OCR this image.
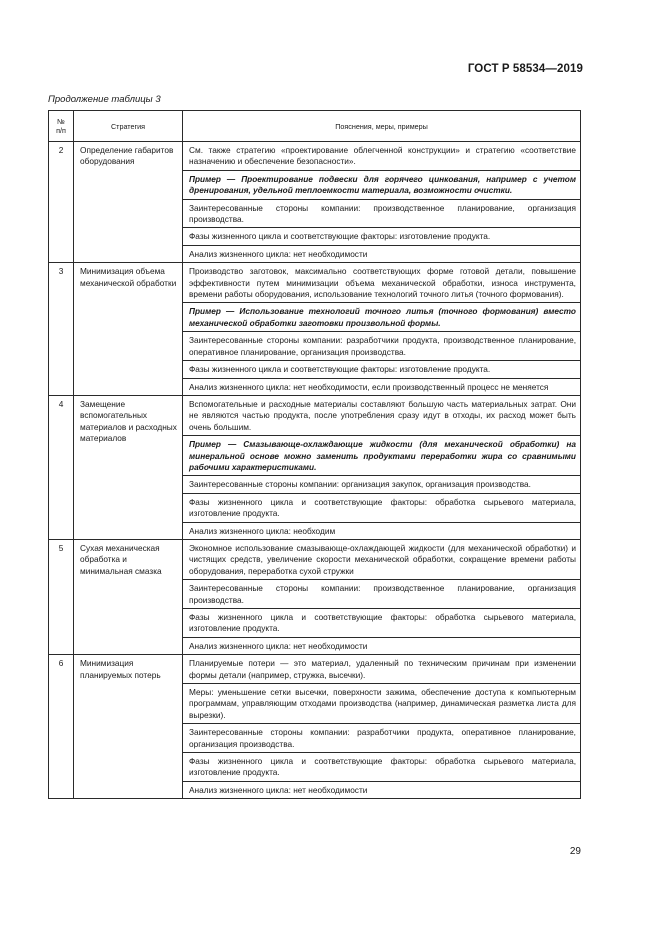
ГОСТ Р 58534—2019
Продолжение таблицы 3
№
п/п	Стратегия	Пояснения, меры, примеры
2	Определение габаритов оборудования	См. также стратегию «проектирование облегченной конструкции» и стратегию «соответствие назначению и обеспечение безопасности».
Пример — Проектирование подвески для горячего цинкования, например с учетом дренирования, удельной теплоемкости материала, возможности очистки.
Заинтересованные стороны компании: производственное планирование, организация производства.
Фазы жизненного цикла и соответствующие факторы: изготовление продукта.
Анализ жизненного цикла: нет необходимости

3	Минимизация объема механической обработки	Производство заготовок, максимально соответствующих форме готовой детали, повышение эффективности путем минимизации объема механической обработки, износа инструмента, времени работы оборудования, использование технологий точного литья (точного формования).
Пример — Использование технологий точного литья (точного формования) вместо механической обработки заготовки произвольной формы.
Заинтересованные стороны компании: разработчики продукта, производственное планирование, оперативное планирование, организация производства.
Фазы жизненного цикла и соответствующие факторы: изготовление продукта.
Анализ жизненного цикла: нет необходимости, если производственный процесс не меняется

4	Замещение вспомогательных материалов и расходных материалов	Вспомогательные и расходные материалы составляют большую часть материальных затрат. Они не являются частью продукта, после употребления сразу идут в отходы, их расход может быть очень большим.
Пример — Смазывающе-охлаждающие жидкости (для механической обработки) на минеральной основе можно заменить продуктами переработки жира со сравнимыми рабочими характеристиками.
Заинтересованные стороны компании: организация закупок, организация производства.
Фазы жизненного цикла и соответствующие факторы: обработка сырьевого материала, изготовление продукта.
Анализ жизненного цикла: необходим

5	Сухая механическая обработка и минимальная смазка	Экономное использование смазывающе-охлаждающей жидкости (для механической обработки) и чистящих средств, увеличение скорости механической обработки, сокращение времени работы оборудования, переработка сухой стружки
Заинтересованные стороны компании: производственное планирование, организация производства.
Фазы жизненного цикла и соответствующие факторы: обработка сырьевого материала, изготовление продукта.
Анализ жизненного цикла: нет необходимости

6	Минимизация планируемых потерь	Планируемые потери — это материал, удаленный по техническим причинам при изменении формы детали (например, стружка, высечки).
Меры: уменьшение сетки высечки, поверхности зажима, обеспечение доступа к компьютерным программам, управляющим отходами производства (например, динамическая разметка листа для вырезки).
Заинтересованные стороны компании: разработчики продукта, оперативное планирование, организация производства.
Фазы жизненного цикла и соответствующие факторы: обработка сырьевого материала, изготовление продукта.
Анализ жизненного цикла: нет необходимости
29
